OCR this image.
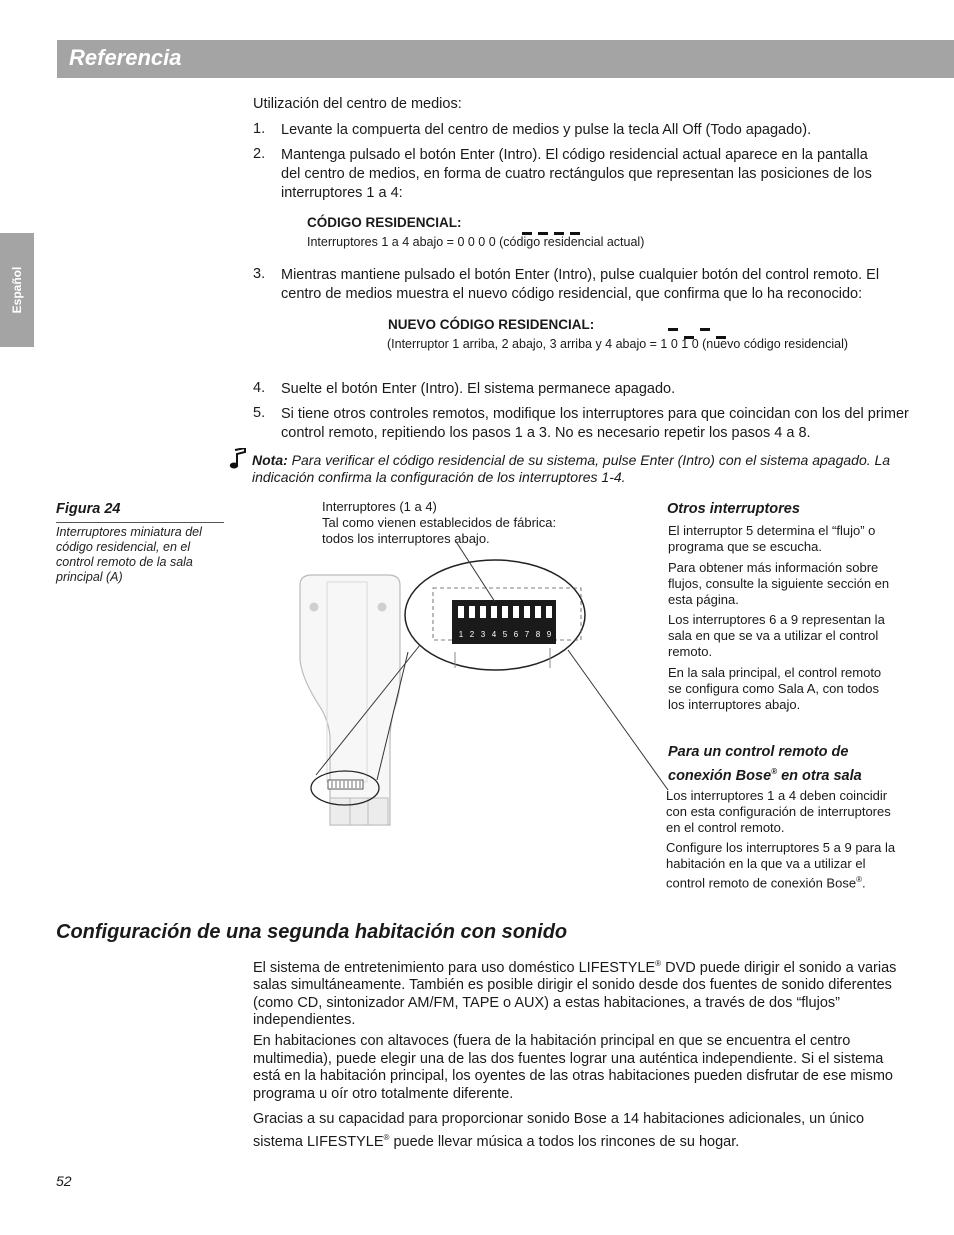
Referencia
Español
Utilización del centro de medios:
1. Levante la compuerta del centro de medios y pulse la tecla All Off (Todo apagado).
2. Mantenga pulsado el botón Enter (Intro). El código residencial actual aparece en la pantalla del centro de medios, en forma de cuatro rectángulos que representan las posiciones de los interruptores 1 a 4:
CÓDIGO RESIDENCIAL:
Interruptores 1 a 4 abajo = 0 0 0 0 (código residencial actual)
3. Mientras mantiene pulsado el botón Enter (Intro), pulse cualquier botón del control remoto. El centro de medios muestra el nuevo código residencial, que confirma que lo ha reconocido:
NUEVO CÓDIGO RESIDENCIAL:
(Interruptor 1 arriba, 2 abajo, 3 arriba y 4 abajo = 1 0 1 0 (nuevo código residencial)
4. Suelte el botón Enter (Intro). El sistema permanece apagado.
5. Si tiene otros controles remotos, modifique los interruptores para que coincidan con los del primer control remoto, repitiendo los pasos 1 a 3. No es necesario repetir los pasos 4 a 8.
Nota: Para verificar el código residencial de su sistema, pulse Enter (Intro) con el sistema apagado. La indicación confirma la configuración de los interruptores 1-4.
Figura 24
Interruptores miniatura del código residencial, en el control remoto de la sala principal (A)
Interruptores (1 a 4)
Tal como vienen establecidos de fábrica:
todos los interruptores abajo.
1 2 3 4 5 6 7 8 9
Otros interruptores
El interruptor 5 determina el “flujo” o programa que se escucha.
Para obtener más información sobre flujos, consulte la siguiente sección en esta página.
Los interruptores 6 a 9 representan la sala en que se va a utilizar el control remoto.
En la sala principal, el control remoto se configura como Sala A, con todos los interruptores abajo.
Para un control remoto de
conexión Bose® en otra sala
Los interruptores 1 a 4 deben coincidir con esta configuración de interruptores en el control remoto.
Configure los interruptores 5 a 9 para la habitación en la que va a utilizar el control remoto de conexión Bose®.
Configuración de una segunda habitación con sonido
El sistema de entretenimiento para uso doméstico LIFESTYLE® DVD puede dirigir el sonido a varias salas simultáneamente. También es posible dirigir el sonido desde dos fuentes de sonido diferentes (como CD, sintonizador AM/FM, TAPE o AUX) a estas habitaciones, a través de dos “flujos” independientes.
En habitaciones con altavoces (fuera de la habitación principal en que se encuentra el centro multimedia), puede elegir una de las dos fuentes lograr una auténtica independiente. Si el sistema está en la habitación principal, los oyentes de las otras habitaciones pueden disfrutar de ese mismo programa u oír otro totalmente diferente.
Gracias a su capacidad para proporcionar sonido Bose a 14 habitaciones adicionales, un único sistema LIFESTYLE® puede llevar música a todos los rincones de su hogar.
52
